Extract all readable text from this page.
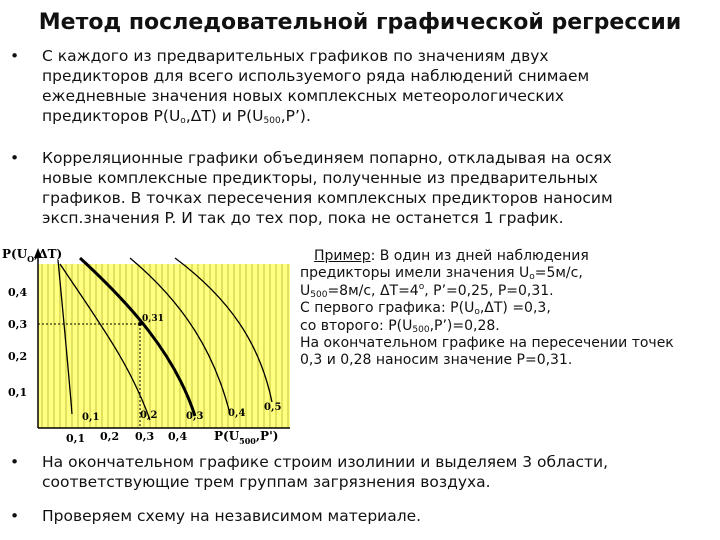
Метод последовательной графической регрессии
• С каждого из предварительных графиков по значениям двух
предикторов для всего используемого ряда наблюдений снимаем
ежедневные значения новых комплексных метеорологических
предикторов $P(U_o,\Delta T)$ и $P(U_{500},P’)$.
• Корреляционные графики объединяем попарно, откладывая на осях
новые комплексные предикторы, полученные из предварительных
графиков. В точках пересечения комплексных предикторов наносим
эксп.значения P. И так до тех пор, пока не останется 1 график.
0,31
0,1	0,2	0,3 0,4
0,5
0,4
0,3
0,2
0,1
0,1 0,2 0,3 0,4
$P(U_O,\Delta T)$
$P(U_{500},P')$
Пример: В один из дней наблюдения
предикторы имели значения $U_o=5м/с$,
$U_{500}=8м/с$, $\Delta T=4^o$, P’=0,25, P=0,31.
С первого графика: $P(U_o,\Delta T) =0,3$,
со второго: $P(U_{500},P’)=0,28$.
На окончательном графике на пересечении точек
0,3 и 0,28 наносим значение P=0,31.
• На окончательном графике строим изолинии и выделяем 3 области,
соответствующие трем группам загрязнения воздуха.
• Проверяем схему на независимом материале.
